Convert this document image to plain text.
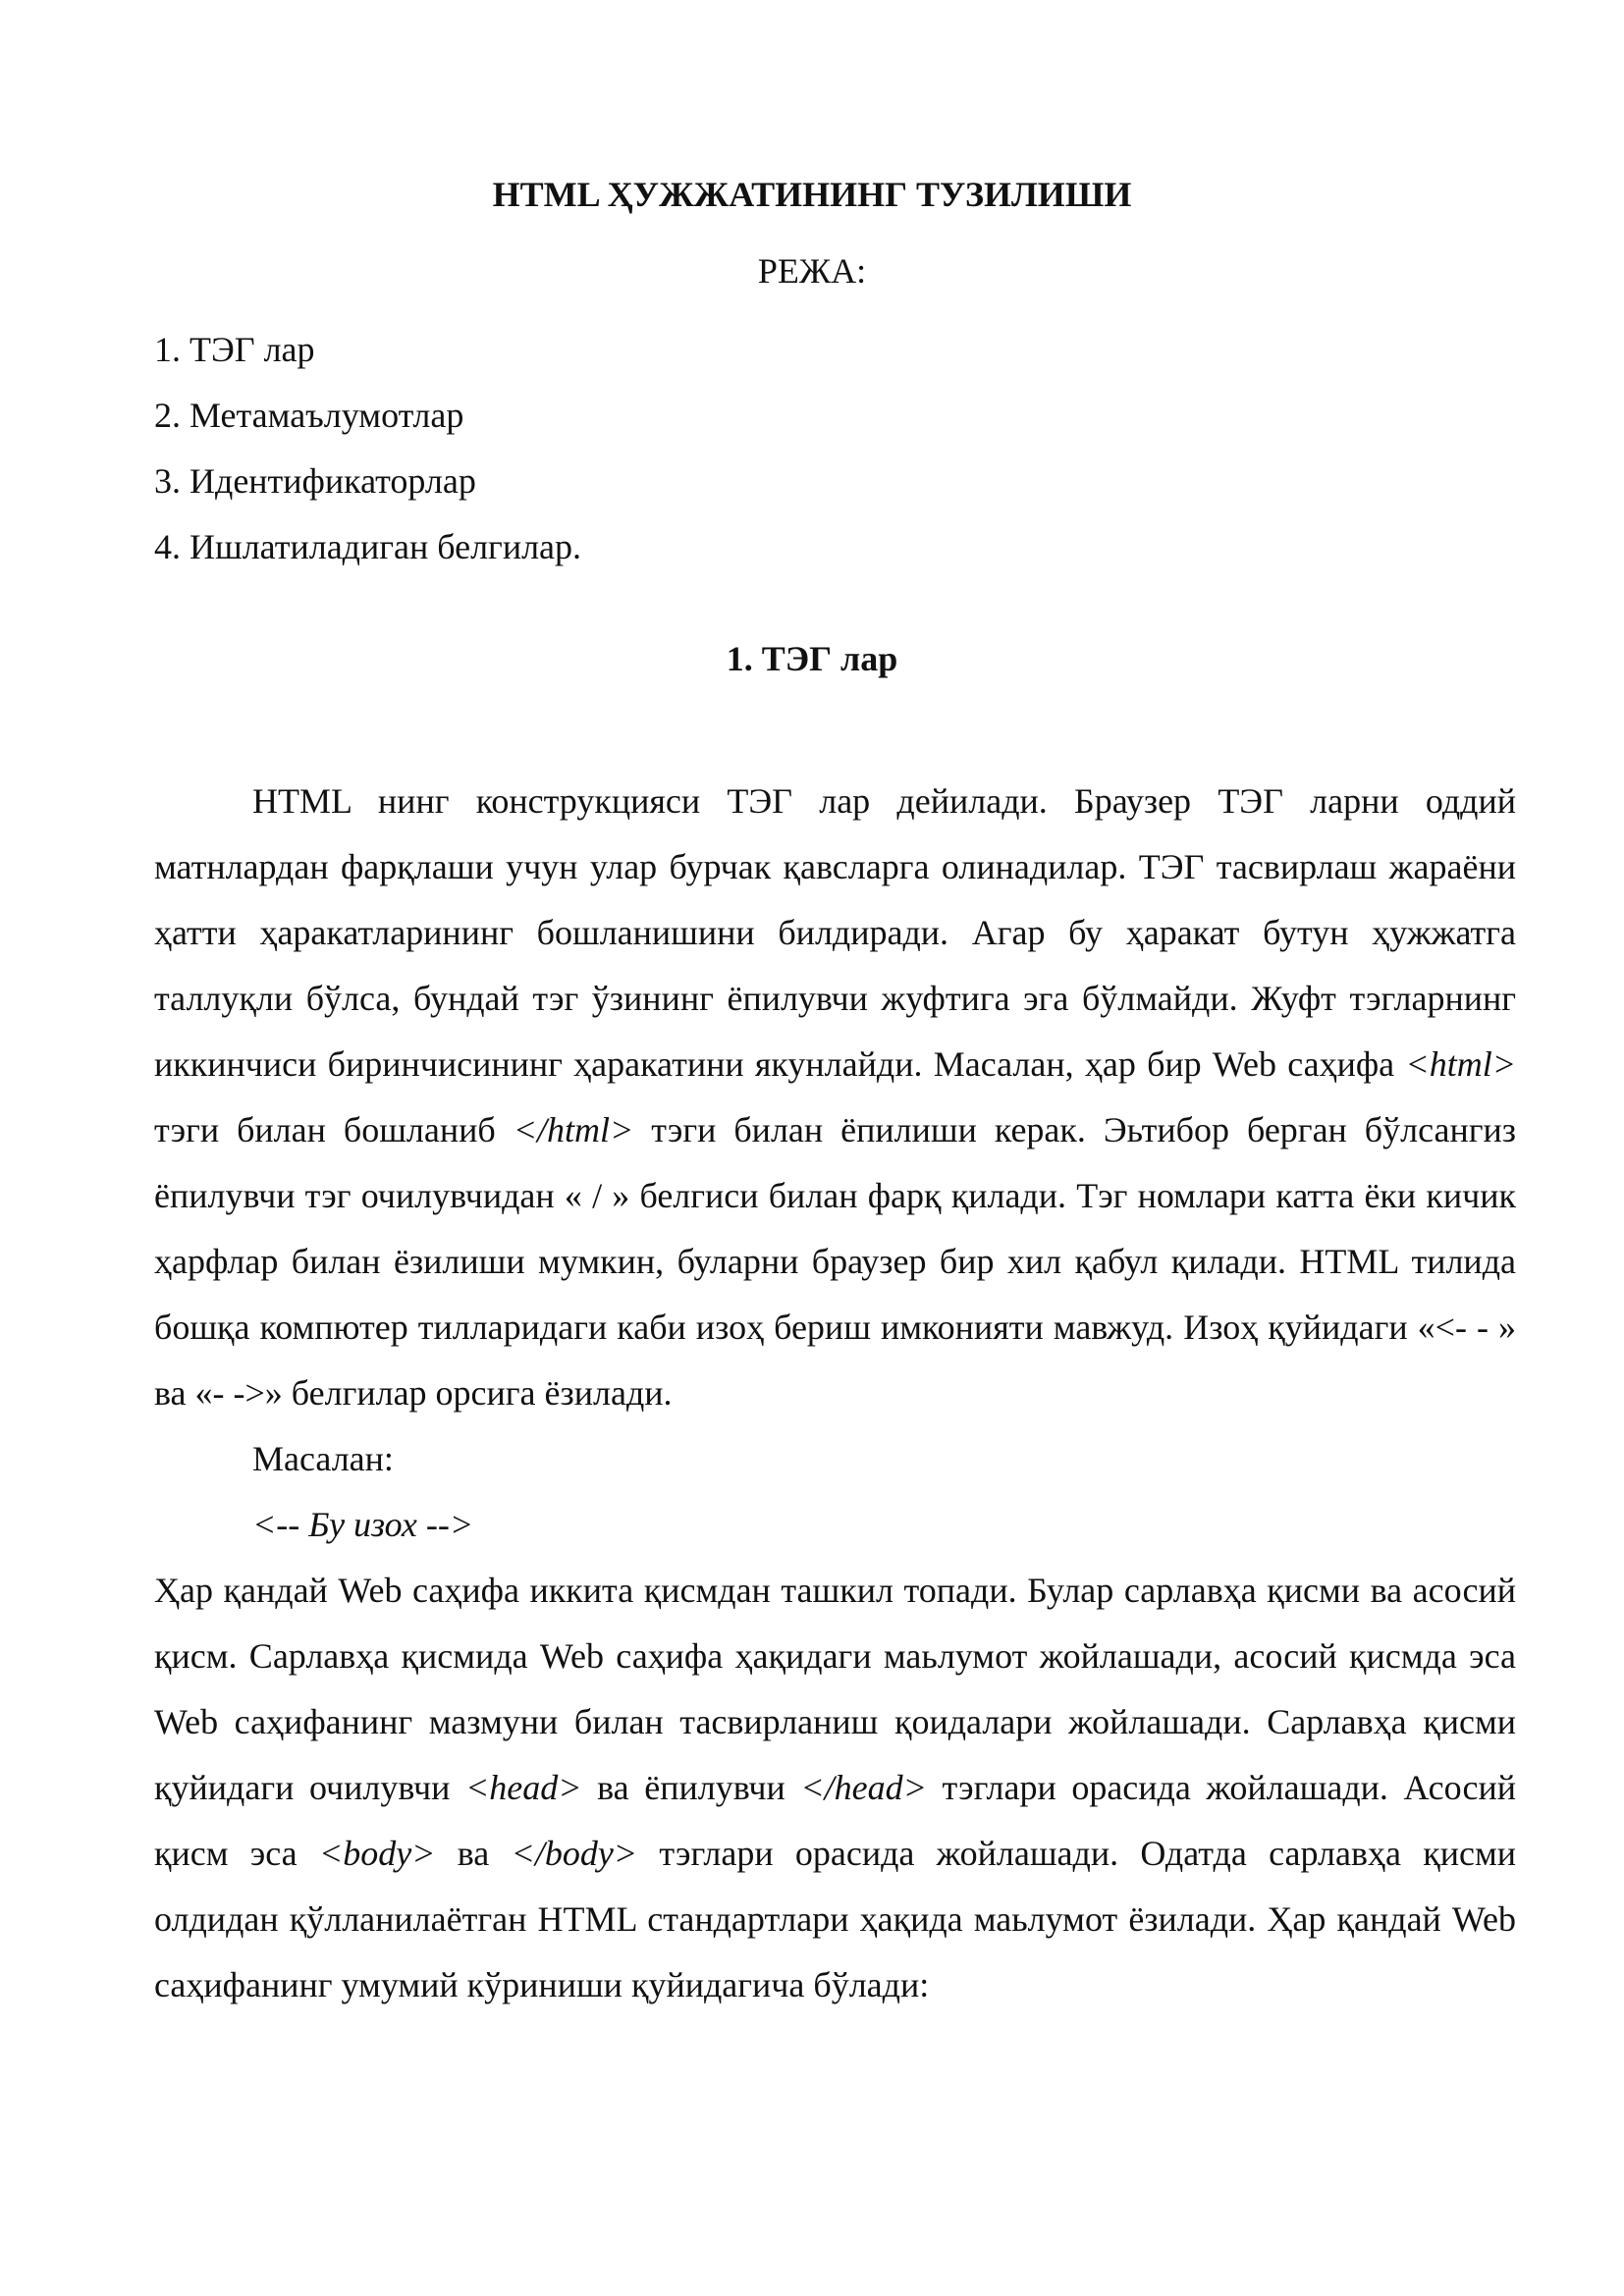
HTML ҲУЖЖАТИНИНГ ТУЗИЛИШИ
РЕЖА:
1. ТЭГ лар
2. Метамаълумотлар
3. Идентификаторлар
4. Ишлатиладиган белгилар.
1. ТЭГ лар

HTML нинг конструкцияси ТЭГ лар дейилади. Браузер ТЭГ ларни оддий матнлардан фарқлаши учун улар бурчак қавсларга олинадилар. ТЭГ тасвирлаш жараёни ҳатти ҳаракатларининг бошланишини билдиради. Агар бу ҳаракат бутун ҳужжатга таллуқли бўлса, бундай тэг ўзининг ёпилувчи жуфтига эга бўлмайди. Жуфт тэгларнинг иккинчиси биринчисининг ҳаракатини якунлайди. Масалан, ҳар бир Web саҳифа <html> тэги билан бошланиб </html> тэги билан ёпилиши керак. Эьтибор берган бўлсангиз ёпилувчи тэг очилувчидан « / » белгиси билан фарқ қилади. Тэг номлари катта ёки кичик ҳарфлар билан ёзилиши мумкин, буларни браузер бир хил қабул қилади. HTML тилида бошқа компютер тилларидаги каби изоҳ бериш имконияти мавжуд. Изоҳ қуйидаги «<- - » ва «- ->» белгилар орсига ёзилади.

Масалан:

<-- Бу изох -->

Ҳар қандай Web саҳифа иккита қисмдан ташкил топади. Булар сарлавҳа қисми ва асосий қисм. Сарлавҳа қисмида Web саҳифа ҳақидаги маьлумот жойлашади, асосий қисмда эса Web саҳифанинг мазмуни билан тасвирланиш қоидалари жойлашади. Сарлавҳа қисми қуйидаги очилувчи <head> ва ёпилувчи </head> тэглари орасида жойлашади. Асосий қисм эса <body> ва </body> тэглари орасида жойлашади. Одатда сарлавҳа қисми олдидан қўлланилаётган HTML стандартлари ҳақида маьлумот ёзилади. Ҳар қандай Web саҳифанинг умумий кўриниши қуйидагича бўлади:
